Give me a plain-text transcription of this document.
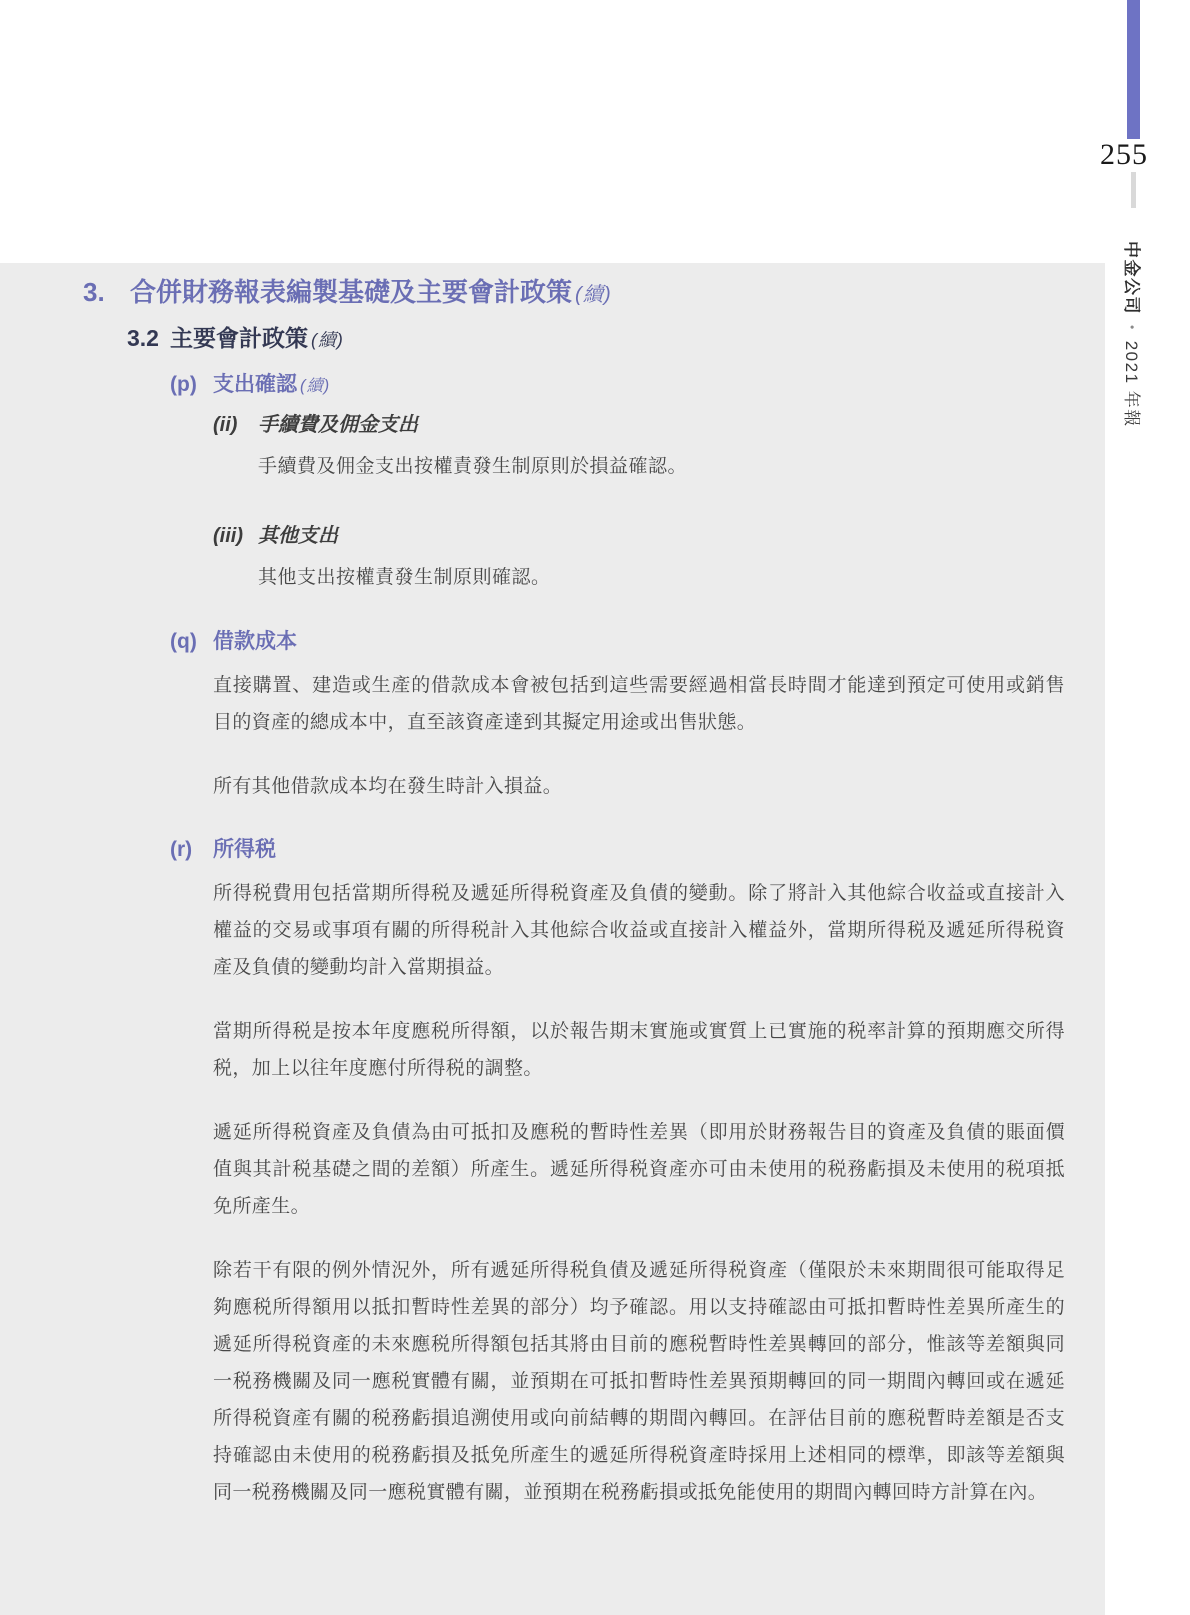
255
中金公司•2021 年報
3. 合併財務報表編製基礎及主要會計政策 (續)
3.2 主要會計政策 (續)
(p) 支出確認 (續)
(ii)	手續費及佣金支出

手續費及佣金支出按權責發生制原則於損益確認。

(iii) 其他支出

其他支出按權責發生制原則確認。

(q) 借款成本

直接購置、建造或生產的借款成本會被包括到這些需要經過相當長時間才能達到預定可使用或銷售目的資產的總成本中，直至該資產達到其擬定用途或出售狀態。

所有其他借款成本均在發生時計入損益。

(r) 所得税

所得税費用包括當期所得税及遞延所得税資產及負債的變動。除了將計入其他綜合收益或直接計入權益的交易或事項有關的所得税計入其他綜合收益或直接計入權益外，當期所得税及遞延所得税資產及負債的變動均計入當期損益。

當期所得税是按本年度應税所得額，以於報告期末實施或實質上已實施的税率計算的預期應交所得税，加上以往年度應付所得税的調整。

遞延所得税資產及負債為由可抵扣及應税的暫時性差異（即用於財務報告目的資產及負債的賬面價值與其計税基礎之間的差額）所產生。遞延所得税資產亦可由未使用的税務虧損及未使用的税項抵免所產生。

除若干有限的例外情況外，所有遞延所得税負債及遞延所得税資產（僅限於未來期間很可能取得足夠應税所得額用以抵扣暫時性差異的部分）均予確認。用以支持確認由可抵扣暫時性差異所產生的遞延所得税資產的未來應税所得額包括其將由目前的應税暫時性差異轉回的部分，惟該等差額與同一税務機關及同一應税實體有關，並預期在可抵扣暫時性差異預期轉回的同一期間內轉回或在遞延所得税資產有關的税務虧損追溯使用或向前結轉的期間內轉回。在評估目前的應税暫時差額是否支持確認由未使用的税務虧損及抵免所產生的遞延所得税資產時採用上述相同的標準，即該等差額與同一税務機關及同一應税實體有關，並預期在税務虧損或抵免能使用的期間內轉回時方計算在內。
